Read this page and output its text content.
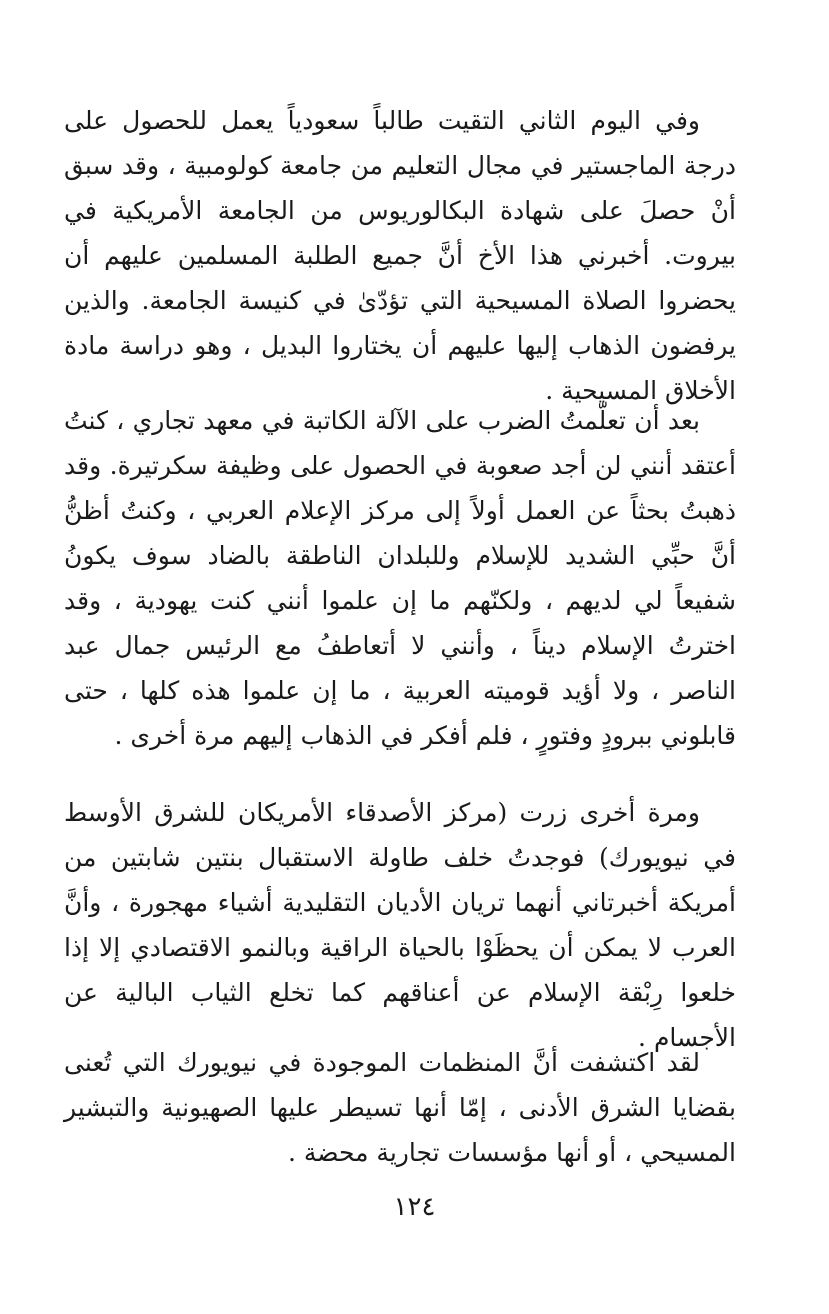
وفي اليوم الثاني التقيت طالباً سعودياً يعمل للحصول على درجة الماجستير في مجال التعليم من جامعة كولومبية ، وقد سبق أنْ حصلَ على شهادة البكالوريوس من الجامعة الأمريكية في بيروت. أخبرني هذا الأخ أنَّ جميع الطلبة المسلمين عليهم أن يحضروا الصلاة المسيحية التي تؤدّىٰ في كنيسة الجامعة. والذين يرفضون الذهاب إليها عليهم أن يختاروا البديل ، وهو دراسة مادة الأخلاق المسيحية .

بعد أن تعلّمتُ الضرب على الآلة الكاتبة في معهد تجاري ، كنتُ أعتقد أنني لن أجد صعوبة في الحصول على وظيفة سكرتيرة. وقد ذهبتُ بحثاً عن العمل أولاً إلى مركز الإعلام العربي ، وكنتُ أظنُّ أنَّ حبِّي الشديد للإسلام وللبلدان الناطقة بالضاد سوف يكونُ شفيعاً لي لديهم ، ولكنّهم ما إن علموا أنني كنت يهودية ، وقد اخترتُ الإسلام ديناً ، وأنني لا أتعاطفُ مع الرئيس جمال عبد الناصر ، ولا أؤيد قوميته العربية ، ما إن علموا هذه كلها ، حتى قابلوني ببرودٍ وفتورٍ ، فلم أفكر في الذهاب إليهم مرة أخرى .

ومرة أخرى زرت (مركز الأصدقاء الأمريكان للشرق الأوسط في نيويورك) فوجدتُ خلف طاولة الاستقبال بنتين شابتين من أمريكة أخبرتاني أنهما تريان الأديان التقليدية أشياء مهجورة ، وأنَّ العرب لا يمكن أن يحظَوْا بالحياة الراقية وبالنمو الاقتصادي إلا إذا خلعوا رِبْقة الإسلام عن أعناقهم كما تخلع الثياب البالية عن الأجسام .

لقد اكتشفت أنَّ المنظمات الموجودة في نيويورك التي تُعنى بقضايا الشرق الأدنى ، إمّا أنها تسيطر عليها الصهيونية والتبشير المسيحي ، أو أنها مؤسسات تجارية محضة .

١٢٤
